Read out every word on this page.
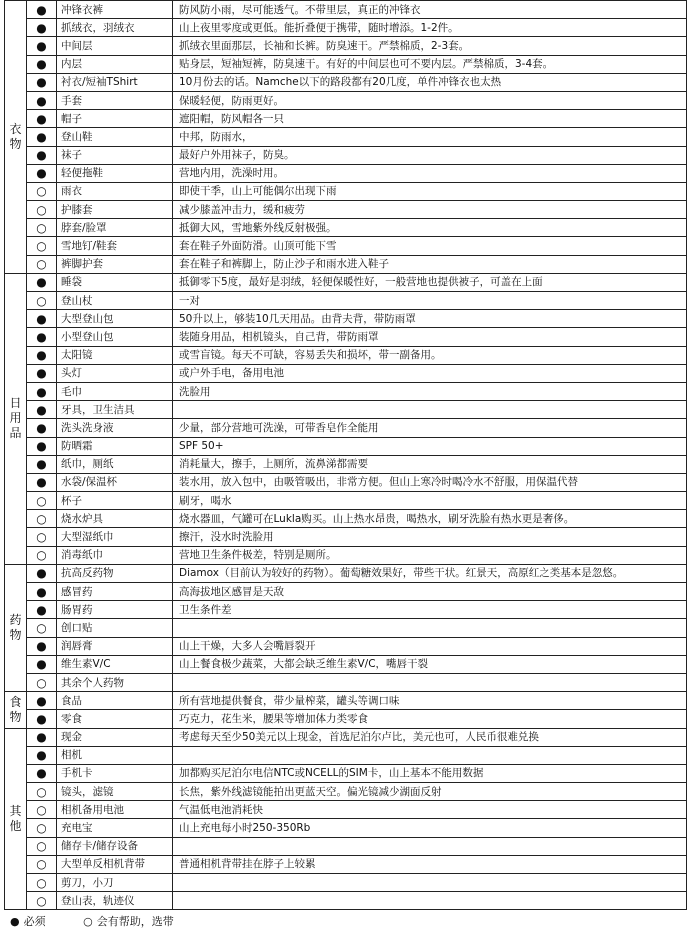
衣
物	●	冲锋衣裤	防风防小雨，尽可能透气。不带里层，真正的冲锋衣
	●	抓绒衣，羽绒衣	山上夜里零度或更低。能折叠便于携带，随时增添。1-2件。
	●	中间层	抓绒衣里面那层，长袖和长裤。防臭速干。严禁棉质，2-3套。
	●	内层	贴身层，短袖短裤，防臭速干。有好的中间层也可不要内层。严禁棉质，3-4套。
	●	衬衣/短袖TShirt	10月份去的话。Namche以下的路段都有20几度，单件冲锋衣也太热
	●	手套	保暖轻便，防雨更好。
	●	帽子	遮阳帽，防风帽各一只
	●	登山鞋	中邦，防雨水，
	●	袜子	最好户外用袜子，防臭。
	●	轻便拖鞋	营地内用，洗澡时用。
	○	雨衣	即使干季，山上可能偶尔出现下雨
	○	护膝套	减少膝盖冲击力，缓和疲劳
	○	脖套/脸罩	抵御大风，雪地紫外线反射极强。
	○	雪地钉/鞋套	套在鞋子外面防滑。山顶可能下雪
	○	裤脚护套	套在鞋子和裤脚上，防止沙子和雨水进入鞋子
日
用
品	●	睡袋	抵御零下5度，最好是羽绒，轻便保暖性好，一般营地也提供被子，可盖在上面
	○	登山杖	一对
	●	大型登山包	50升以上，够装10几天用品。由背夫背，带防雨罩
	●	小型登山包	装随身用品，相机镜头，自己背，带防雨罩
	●	太阳镜	或雪盲镜。每天不可缺，容易丢失和损坏，带一副备用。
	●	头灯	或户外手电，备用电池
	●	毛巾	洗脸用
	●	牙具，卫生洁具	
	●	洗头洗身液	少量，部分营地可洗澡，可带香皂作全能用
	●	防晒霜	SPF 50+
	●	纸巾，厕纸	消耗量大，擦手，上厕所，流鼻涕都需要
	●	水袋/保温杯	装水用，放入包中，由吸管吸出，非常方便。但山上寒冷时喝冷水不舒服，用保温代替
	○	杯子	刷牙，喝水
	○	烧水炉具	烧水器皿，气罐可在Lukla购买。山上热水昂贵，喝热水，刷牙洗脸有热水更是奢侈。
	○	大型湿纸巾	擦汗，没水时洗脸用
	○	消毒纸巾	营地卫生条件极差，特别是厕所。
药
物	●	抗高反药物	Diamox（目前认为较好的药物）。葡萄糖效果好，带些干状。红景天，高原红之类基本是忽悠。
	●	感冒药	高海拔地区感冒是天敌
	●	肠胃药	卫生条件差
	○	创口贴	
	●	润唇膏	山上干燥，大多人会嘴唇裂开
	●	维生素V/C	山上餐食极少蔬菜，大都会缺乏维生素V/C，嘴唇干裂
	○	其余个人药物	
食
物	●	食品	所有营地提供餐食，带少量榨菜，罐头等调口味
	●	零食	巧克力，花生米，腰果等增加体力类零食
其
他	●	现金	考虑每天至少50美元以上现金，首选尼泊尔卢比，美元也可，人民币很难兑换
	●	相机	
	●	手机卡	加都购买尼泊尔电信NTC或NCELL的SIM卡，山上基本不能用数据
	○	镜头，滤镜	长焦，紫外线滤镜能拍出更蓝天空。偏光镜减少湖面反射
	○	相机备用电池	气温低电池消耗快
	○	充电宝	山上充电每小时250-350Rb
	○	储存卡/储存设备	
	○	大型单反相机背带	普通相机背带挂在脖子上较累
	○	剪刀，小刀	
	○	登山表，轨迹仪	
● 必须	○ 会有帮助，选带
